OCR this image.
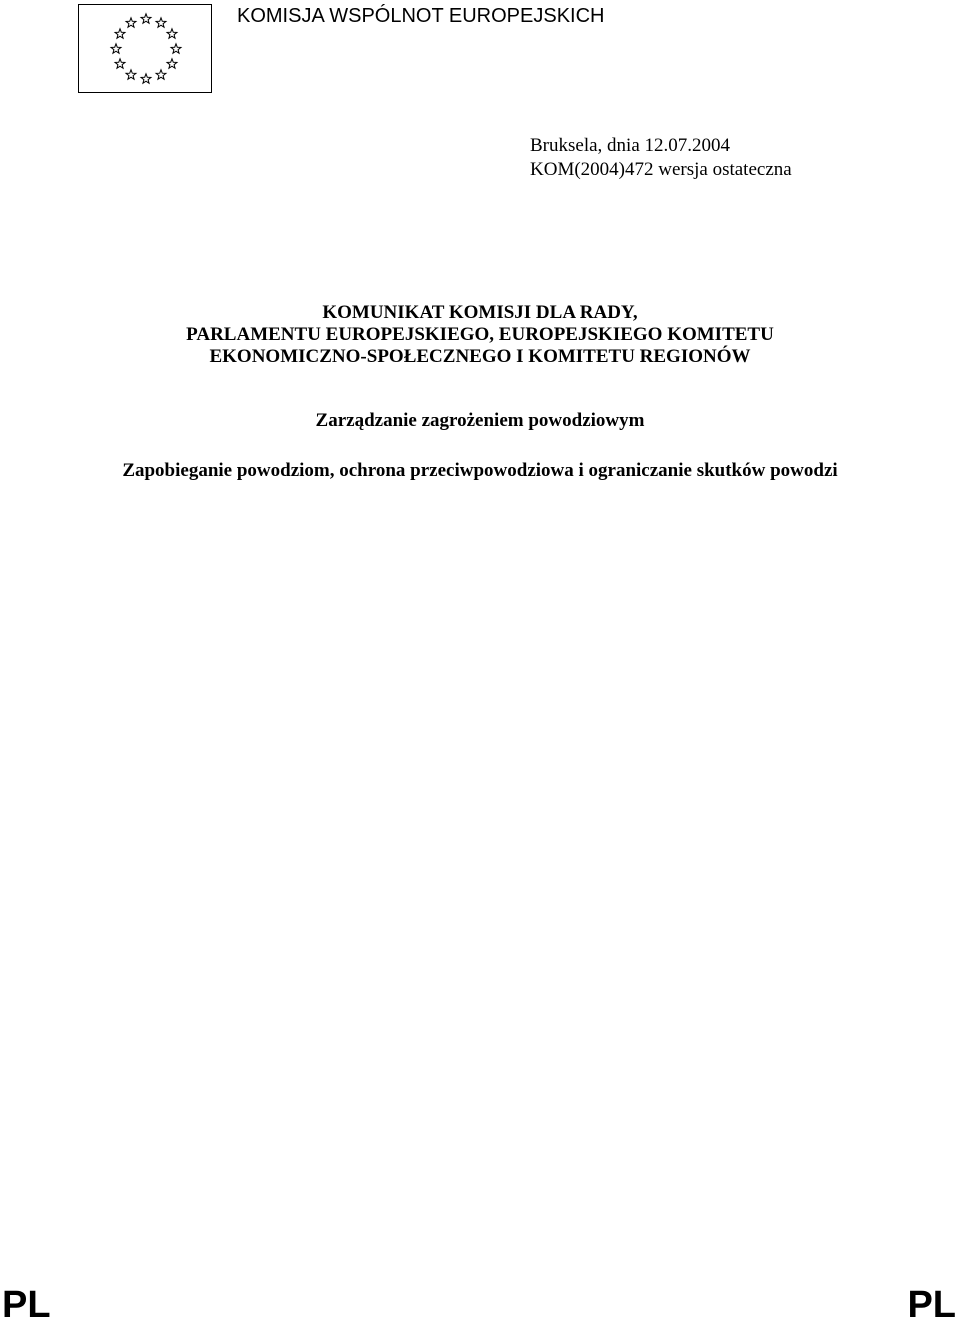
KOMISJA WSPÓLNOT EUROPEJSKICH
Bruksela, dnia 12.07.2004
KOM(2004)472 wersja ostateczna
KOMUNIKAT KOMISJI DLA RADY,
PARLAMENTU EUROPEJSKIEGO, EUROPEJSKIEGO KOMITETU
EKONOMICZNO-SPOŁECZNEGO I KOMITETU REGIONÓW
Zarządzanie zagrożeniem powodziowym
Zapobieganie powodziom, ochrona przeciwpowodziowa i ograniczanie skutków powodzi
PL	PL
